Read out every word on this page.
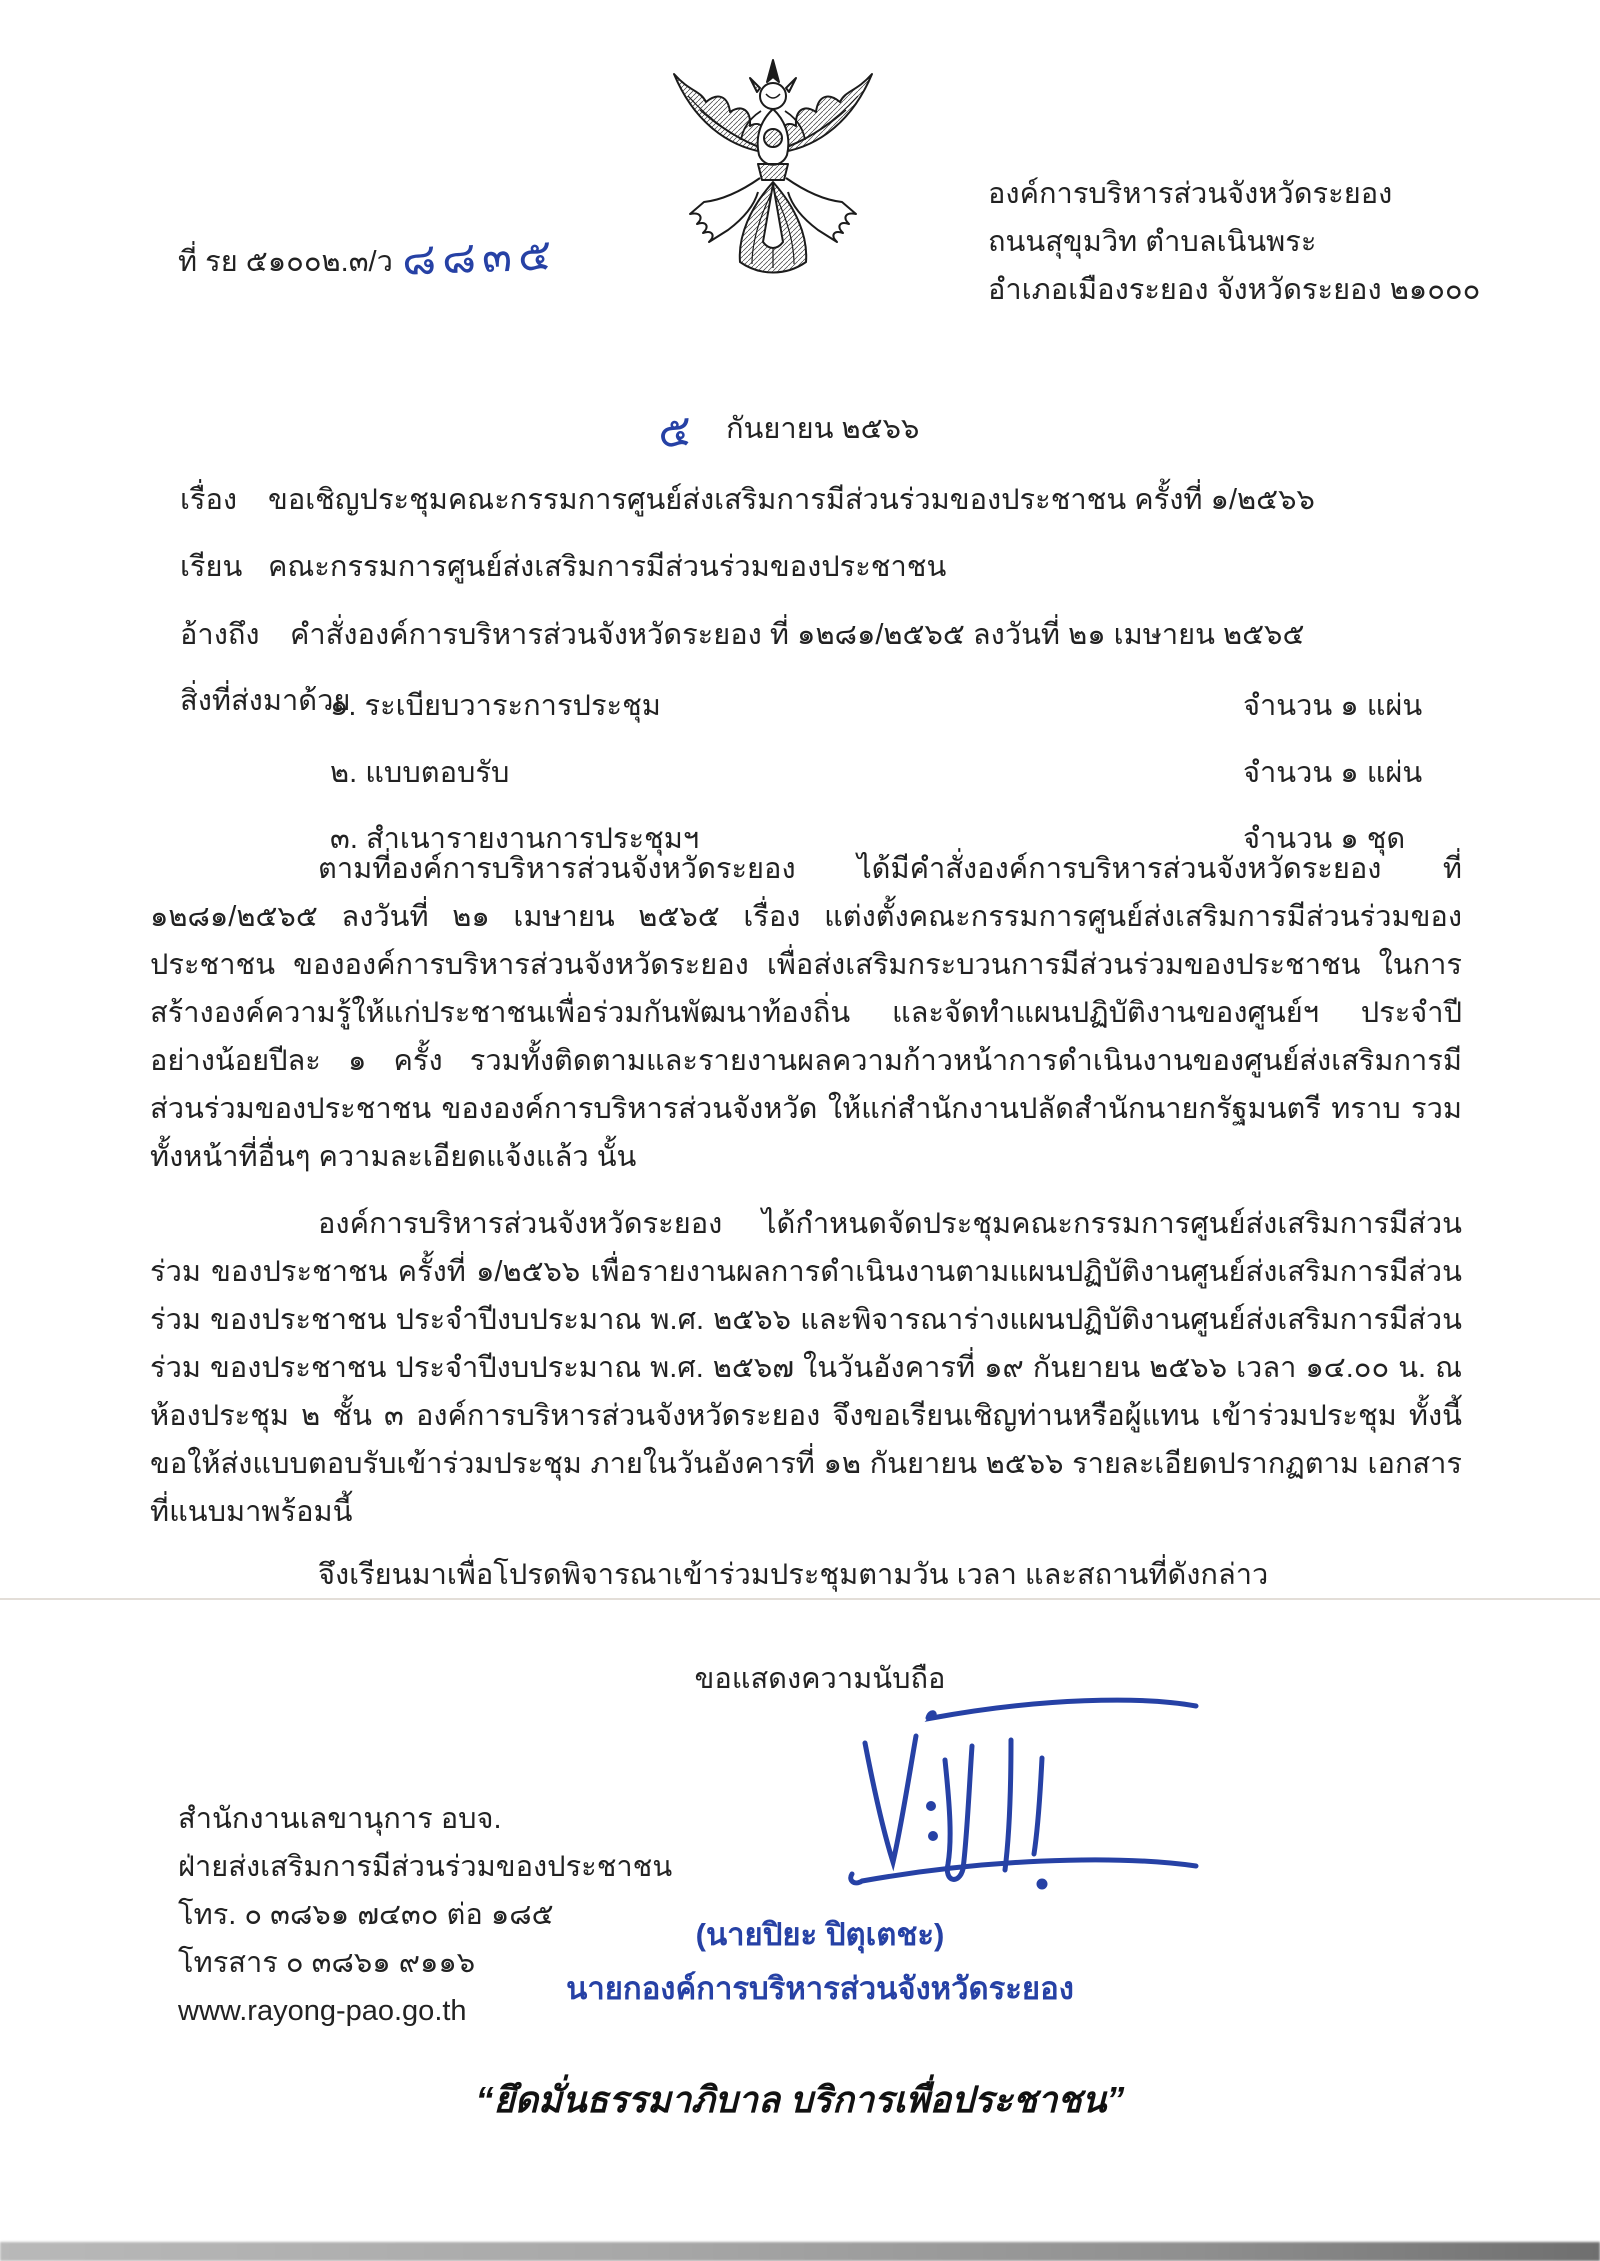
ที่ รย ๕๑๐๐๒.๓/ว ๘๘๓๕
องค์การบริหารส่วนจังหวัดระยอง
ถนนสุขุมวิท ตำบลเนินพระ
อำเภอเมืองระยอง จังหวัดระยอง ๒๑๐๐๐
๕ กันยายน ๒๕๖๖
เรื่อง ขอเชิญประชุมคณะกรรมการศูนย์ส่งเสริมการมีส่วนร่วมของประชาชน ครั้งที่ ๑/๒๕๖๖
เรียน คณะกรรมการศูนย์ส่งเสริมการมีส่วนร่วมของประชาชน
อ้างถึง คำสั่งองค์การบริหารส่วนจังหวัดระยอง ที่ ๑๒๘๑/๒๕๖๕ ลงวันที่ ๒๑ เมษายน ๒๕๖๕
สิ่งที่ส่งมาด้วย
๑. ระเบียบวาระการประชุม	จำนวน ๑ แผ่น
๒. แบบตอบรับ	จำนวน ๑ แผ่น
๓. สำเนารายงานการประชุมฯ	จำนวน ๑ ชุด
ตามที่องค์การบริหารส่วนจังหวัดระยอง ได้มีคำสั่งองค์การบริหารส่วนจังหวัดระยอง ที่ ๑๒๘๑/๒๕๖๕ ลงวันที่ ๒๑ เมษายน ๒๕๖๕ เรื่อง แต่งตั้งคณะกรรมการศูนย์ส่งเสริมการมีส่วนร่วมของประชาชน ขององค์การบริหารส่วนจังหวัดระยอง เพื่อส่งเสริมกระบวนการมีส่วนร่วมของประชาชน ในการสร้างองค์ความรู้ให้แก่ประชาชนเพื่อร่วมกันพัฒนาท้องถิ่น และจัดทำแผนปฏิบัติงานของศูนย์ฯ ประจำปี อย่างน้อยปีละ ๑ ครั้ง รวมทั้งติดตามและรายงานผลความก้าวหน้าการดำเนินงานของศูนย์ส่งเสริมการมี ส่วนร่วมของประชาชน ขององค์การบริหารส่วนจังหวัด ให้แก่สำนักงานปลัดสำนักนายกรัฐมนตรี ทราบ รวมทั้งหน้าที่อื่นๆ ความละเอียดแจ้งแล้ว นั้น
องค์การบริหารส่วนจังหวัดระยอง ได้กำหนดจัดประชุมคณะกรรมการศูนย์ส่งเสริมการมีส่วนร่วม ของประชาชน ครั้งที่ ๑/๒๕๖๖ เพื่อรายงานผลการดำเนินงานตามแผนปฏิบัติงานศูนย์ส่งเสริมการมีส่วนร่วม ของประชาชน ประจำปีงบประมาณ พ.ศ. ๒๕๖๖ และพิจารณาร่างแผนปฏิบัติงานศูนย์ส่งเสริมการมีส่วนร่วม ของประชาชน ประจำปีงบประมาณ พ.ศ. ๒๕๖๗ ในวันอังคารที่ ๑๙ กันยายน ๒๕๖๖ เวลา ๑๔.๐๐ น. ณ ห้องประชุม ๒ ชั้น ๓ องค์การบริหารส่วนจังหวัดระยอง จึงขอเรียนเชิญท่านหรือผู้แทน เข้าร่วมประชุม ทั้งนี้ ขอให้ส่งแบบตอบรับเข้าร่วมประชุม ภายในวันอังคารที่ ๑๒ กันยายน ๒๕๖๖ รายละเอียดปรากฏตาม เอกสารที่แนบมาพร้อมนี้
จึงเรียนมาเพื่อโปรดพิจารณาเข้าร่วมประชุมตามวัน เวลา และสถานที่ดังกล่าว
ขอแสดงความนับถือ
(นายปิยะ ปิตุเตชะ)
นายกองค์การบริหารส่วนจังหวัดระยอง
สำนักงานเลขานุการ อบจ.
ฝ่ายส่งเสริมการมีส่วนร่วมของประชาชน
โทร. ๐ ๓๘๖๑ ๗๔๓๐ ต่อ ๑๘๕
โทรสาร ๐ ๓๘๖๑ ๙๑๑๖
www.rayong-pao.go.th
“ยึดมั่นธรรมาภิบาล บริการเพื่อประชาชน”
